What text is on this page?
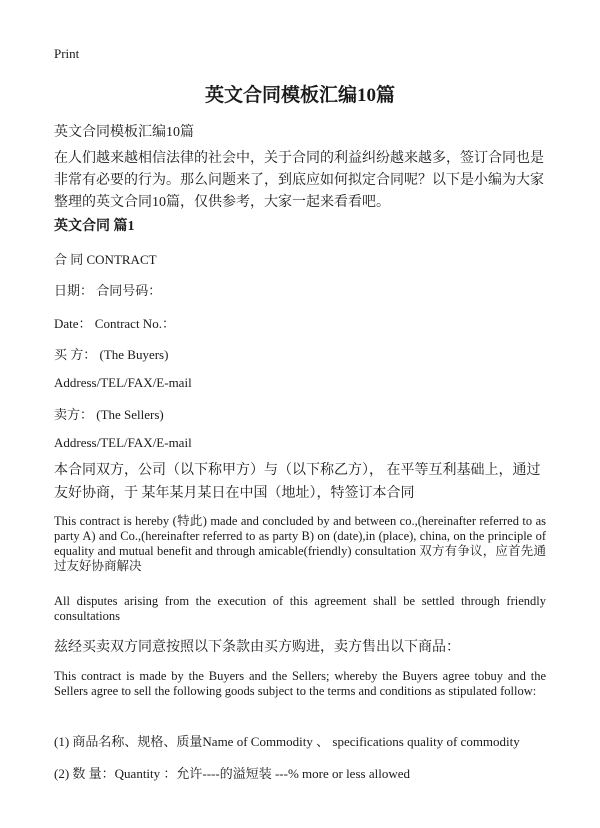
Print

英文合同模板汇编10篇

英文合同模板汇编10篇

在人们越来越相信法律的社会中，关于合同的利益纠纷越来越多，签订合同也是非常有必要的行为。那么问题来了，到底应如何拟定合同呢？以下是小编为大家整理的英文合同10篇，仅供参考，大家一起来看看吧。

英文合同 篇1

合 同 CONTRACT

日期： 合同号码：

Date： Contract No.：

买 方： (The Buyers)

Address/TEL/FAX/E-mail

卖方： (The Sellers)

Address/TEL/FAX/E-mail

本合同双方，公司（以下称甲方）与（以下称乙方）， 在平等互利基础上，通过友好协商，于 某年某月某日在中国（地址），特签订本合同

This contract is hereby (特此) made and concluded by and between co.,(hereinafter referred to as party A) and Co.,(hereinafter referred to as party B) on (date),in (place), china, on the principle of equality and mutual benefit and through amicable(friendly) consultation 双方有争议，应首先通过友好协商解决

All disputes arising from the execution of this agreement shall be settled through friendly consultations

兹经买卖双方同意按照以下条款由买方购进，卖方售出以下商品：

This contract is made by the Buyers and the Sellers; whereby the Buyers agree tobuy and the Sellers agree to sell the following goods subject to the terms and conditions as stipulated follow:

(1) 商品名称、规格、质量Name of Commodity 、 specifications quality of commodity

(2) 数 量：Quantity ：允许----的溢短装 ---% more or less allowed
